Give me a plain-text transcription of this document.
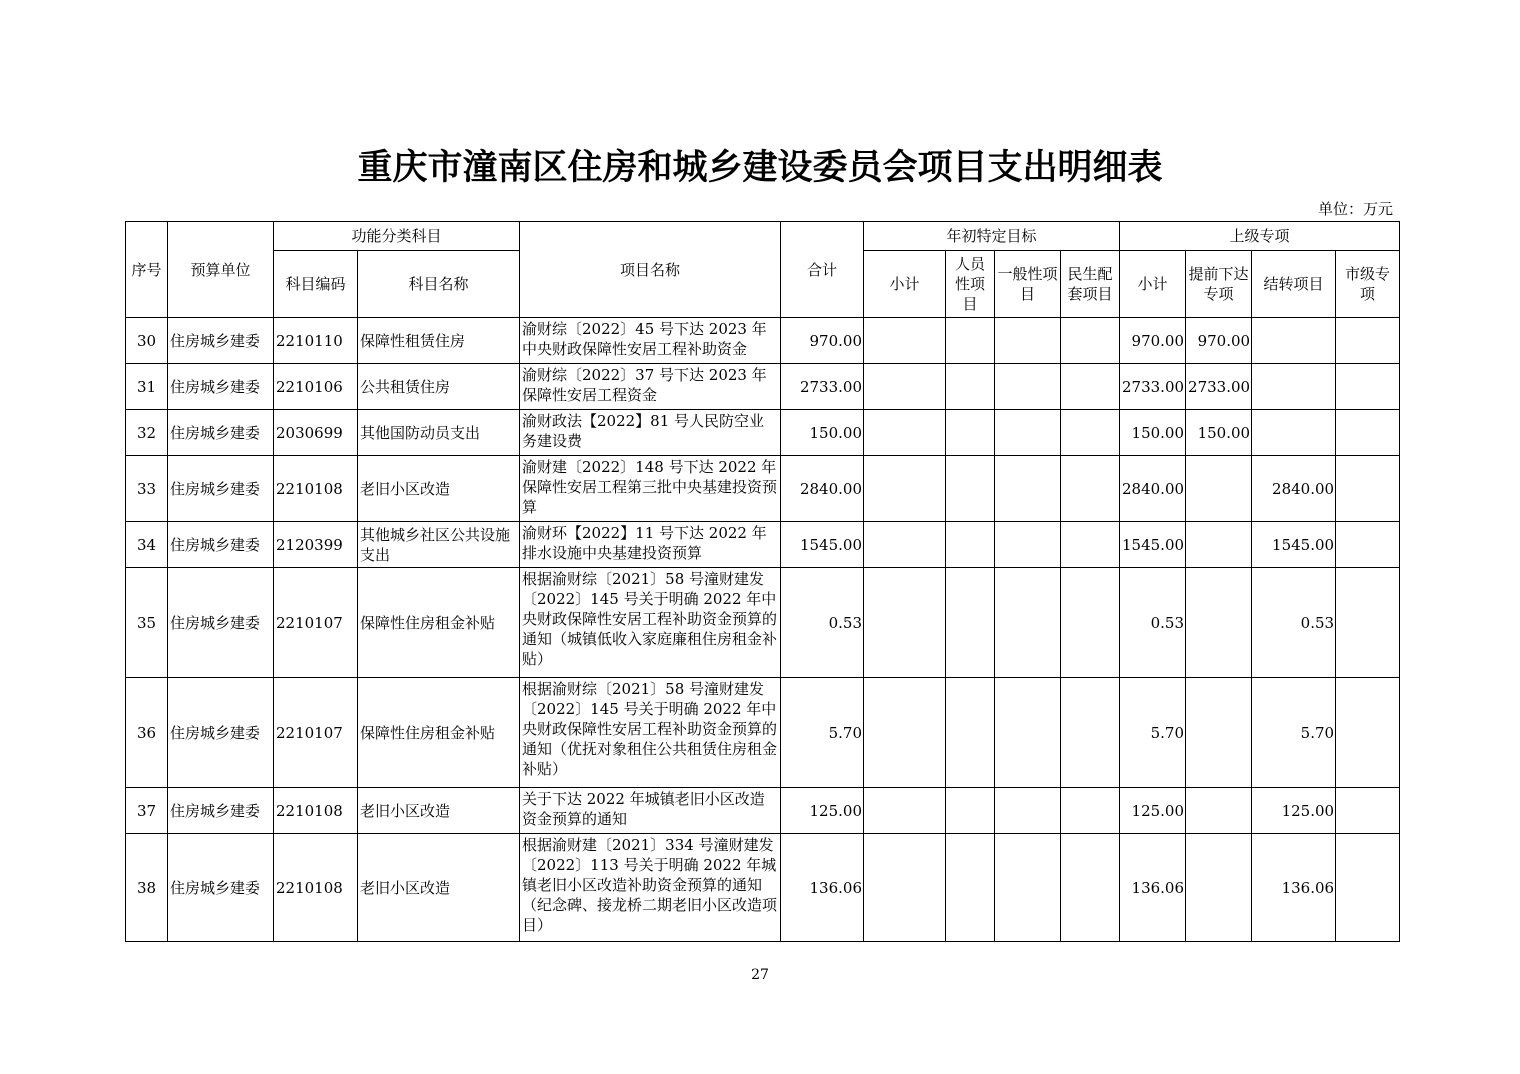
重庆市潼南区住房和城乡建设委员会项目支出明细表
单位：万元
序号	预算单位	功能分类科目		项目名称	合计	年初特定目标				上级专项			
		科目编码	科目名称			小计	人员性项目	一般性项目	民生配套项目	小计	提前下达专项	结转项目	市级专项
30	住房城乡建委	2210110	保障性租赁住房	渝财综〔2022〕45 号下达 2023 年中央财政保障性安居工程补助资金	970.00					970.00	970.00		
31	住房城乡建委	2210106	公共租赁住房	渝财综〔2022〕37 号下达 2023 年保障性安居工程资金	2733.00					2733.00	2733.00		
32	住房城乡建委	2030699	其他国防动员支出	渝财政法【2022】81 号人民防空业务建设费	150.00					150.00	150.00		
33	住房城乡建委	2210108	老旧小区改造	渝财建〔2022〕148 号下达 2022 年保障性安居工程第三批中央基建投资预算	2840.00					2840.00		2840.00	
34	住房城乡建委	2120399	其他城乡社区公共设施支出	渝财环【2022】11 号下达 2022 年排水设施中央基建投资预算	1545.00					1545.00		1545.00	
35	住房城乡建委	2210107	保障性住房租金补贴	根据渝财综〔2021〕58 号潼财建发〔2022〕145 号关于明确 2022 年中央财政保障性安居工程补助资金预算的通知（城镇低收入家庭廉租住房租金补贴）	0.53					0.53		0.53	
36	住房城乡建委	2210107	保障性住房租金补贴	根据渝财综〔2021〕58 号潼财建发〔2022〕145 号关于明确 2022 年中央财政保障性安居工程补助资金预算的通知（优抚对象租住公共租赁住房租金补贴）	5.70					5.70		5.70	
37	住房城乡建委	2210108	老旧小区改造	关于下达 2022 年城镇老旧小区改造资金预算的通知	125.00					125.00		125.00	
38	住房城乡建委	2210108	老旧小区改造	根据渝财建〔2021〕334 号潼财建发〔2022〕113 号关于明确 2022 年城镇老旧小区改造补助资金预算的通知（纪念碑、接龙桥二期老旧小区改造项目）	136.06					136.06		136.06	
27
